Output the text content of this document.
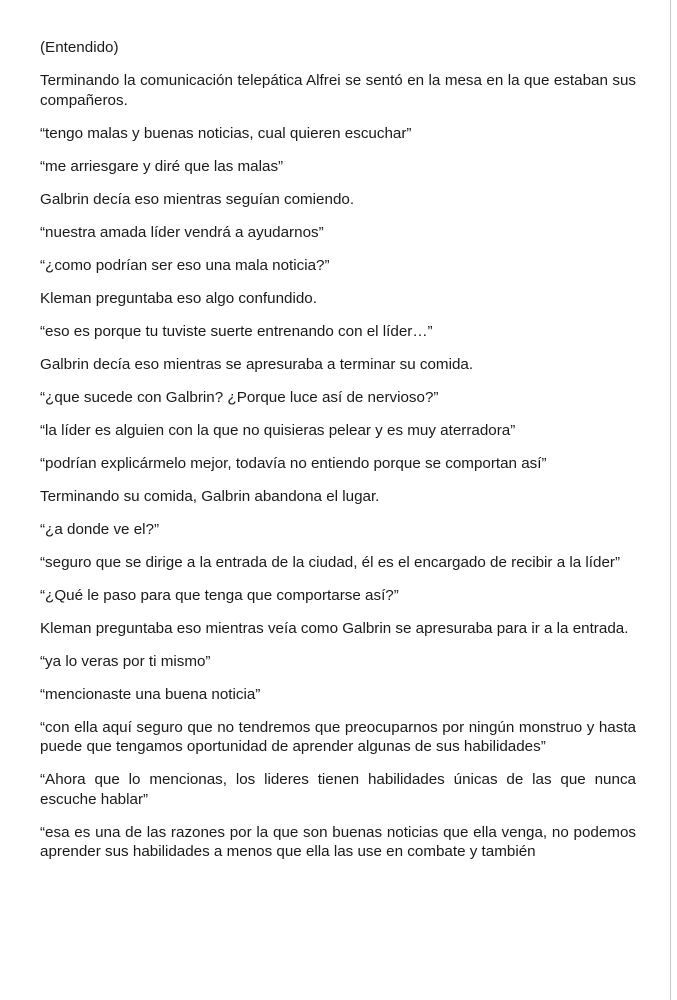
(Entendido)

Terminando la comunicación telepática Alfrei se sentó en la mesa en la que estaban sus compañeros.

“tengo malas y buenas noticias, cual quieren escuchar”

“me arriesgare y diré que las malas”

Galbrin decía eso mientras seguían comiendo.

“nuestra amada líder vendrá a ayudarnos”

“¿como podrían ser eso una mala noticia?”

Kleman preguntaba eso algo confundido.

“eso es porque tu tuviste suerte entrenando con el líder…”

Galbrin decía eso mientras se apresuraba a terminar su comida.

“¿que sucede con Galbrin? ¿Porque luce así de nervioso?”

“la líder es alguien con la que no quisieras pelear y es muy aterradora”

“podrían explicármelo mejor, todavía no entiendo porque se comportan así”

Terminando su comida, Galbrin abandona el lugar.

“¿a donde ve el?”

“seguro que se dirige a la entrada de la ciudad, él es el encargado de recibir a la líder”

“¿Qué le paso para que tenga que comportarse así?”

Kleman preguntaba eso mientras veía como Galbrin se apresuraba para ir a la entrada.

“ya lo veras por ti mismo”

“mencionaste una buena noticia”

“con ella aquí seguro que no tendremos que preocuparnos por ningún monstruo y hasta puede que tengamos oportunidad de aprender algunas de sus habilidades”

“Ahora que lo mencionas, los lideres tienen habilidades únicas de las que nunca escuche hablar”

“esa es una de las razones por la que son buenas noticias que ella venga, no podemos aprender sus habilidades a menos que ella las use en combate y también
